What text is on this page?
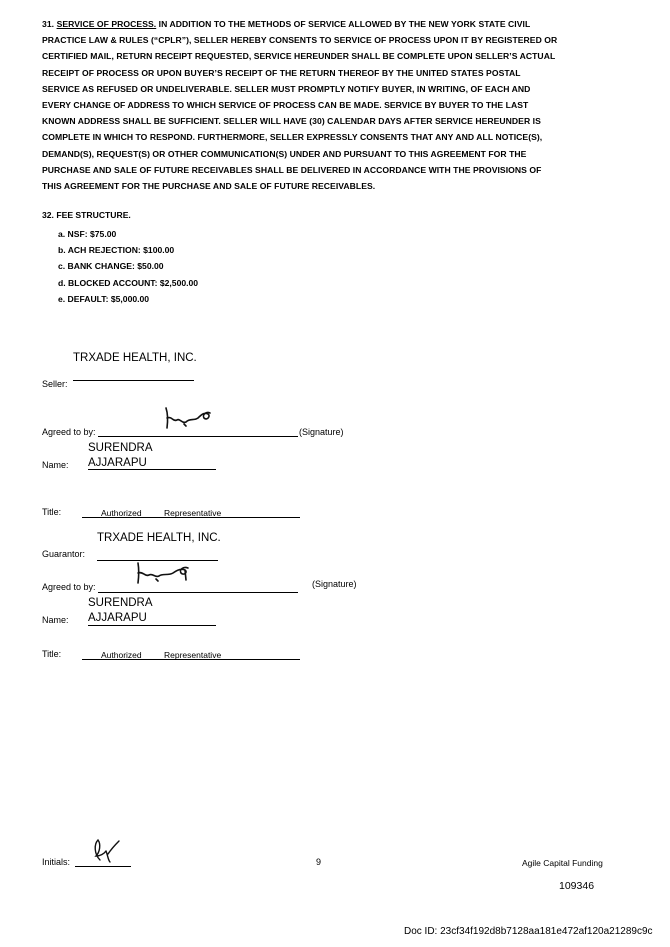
31. SERVICE OF PROCESS. IN ADDITION TO THE METHODS OF SERVICE ALLOWED BY THE NEW YORK STATE CIVIL
PRACTICE LAW & RULES (“CPLR”), SELLER HEREBY CONSENTS TO SERVICE OF PROCESS UPON IT BY REGISTERED OR
CERTIFIED MAIL, RETURN RECEIPT REQUESTED, SERVICE HEREUNDER SHALL BE COMPLETE UPON SELLER’S ACTUAL
RECEIPT OF PROCESS OR UPON BUYER’S RECEIPT OF THE RETURN THEREOF BY THE UNITED STATES POSTAL
SERVICE AS REFUSED OR UNDELIVERABLE. SELLER MUST PROMPTLY NOTIFY BUYER, IN WRITING, OF EACH AND
EVERY CHANGE OF ADDRESS TO WHICH SERVICE OF PROCESS CAN BE MADE. SERVICE BY BUYER TO THE LAST
KNOWN ADDRESS SHALL BE SUFFICIENT. SELLER WILL HAVE (30) CALENDAR DAYS AFTER SERVICE HEREUNDER IS
COMPLETE IN WHICH TO RESPOND. FURTHERMORE, SELLER EXPRESSLY CONSENTS THAT ANY AND ALL NOTICE(S),
DEMAND(S), REQUEST(S) OR OTHER COMMUNICATION(S) UNDER AND PURSUANT TO THIS AGREEMENT FOR THE
PURCHASE AND SALE OF FUTURE RECEIVABLES SHALL BE DELIVERED IN ACCORDANCE WITH THE PROVISIONS OF
THIS AGREEMENT FOR THE PURCHASE AND SALE OF FUTURE RECEIVABLES.
32. FEE STRUCTURE.
a. NSF: $75.00
b. ACH REJECTION: $100.00
c. BANK CHANGE: $50.00
d. BLOCKED ACCOUNT: $2,500.00
e. DEFAULT: $5,000.00
TRXADE HEALTH, INC.
Seller:
Agreed to by:	(Signature)
SURENDRA
Name: AJJARAPU
Title:	Authorized	Representative
TRXADE HEALTH, INC.
Guarantor:
Agreed to by:	(Signature)
SURENDRA
Name: AJJARAPU
Title:	Authorized	Representative
Initials:	9	Agile Capital Funding
109346
Doc ID: 23cf34f192d8b7128aa181e472af120a21289c9c
